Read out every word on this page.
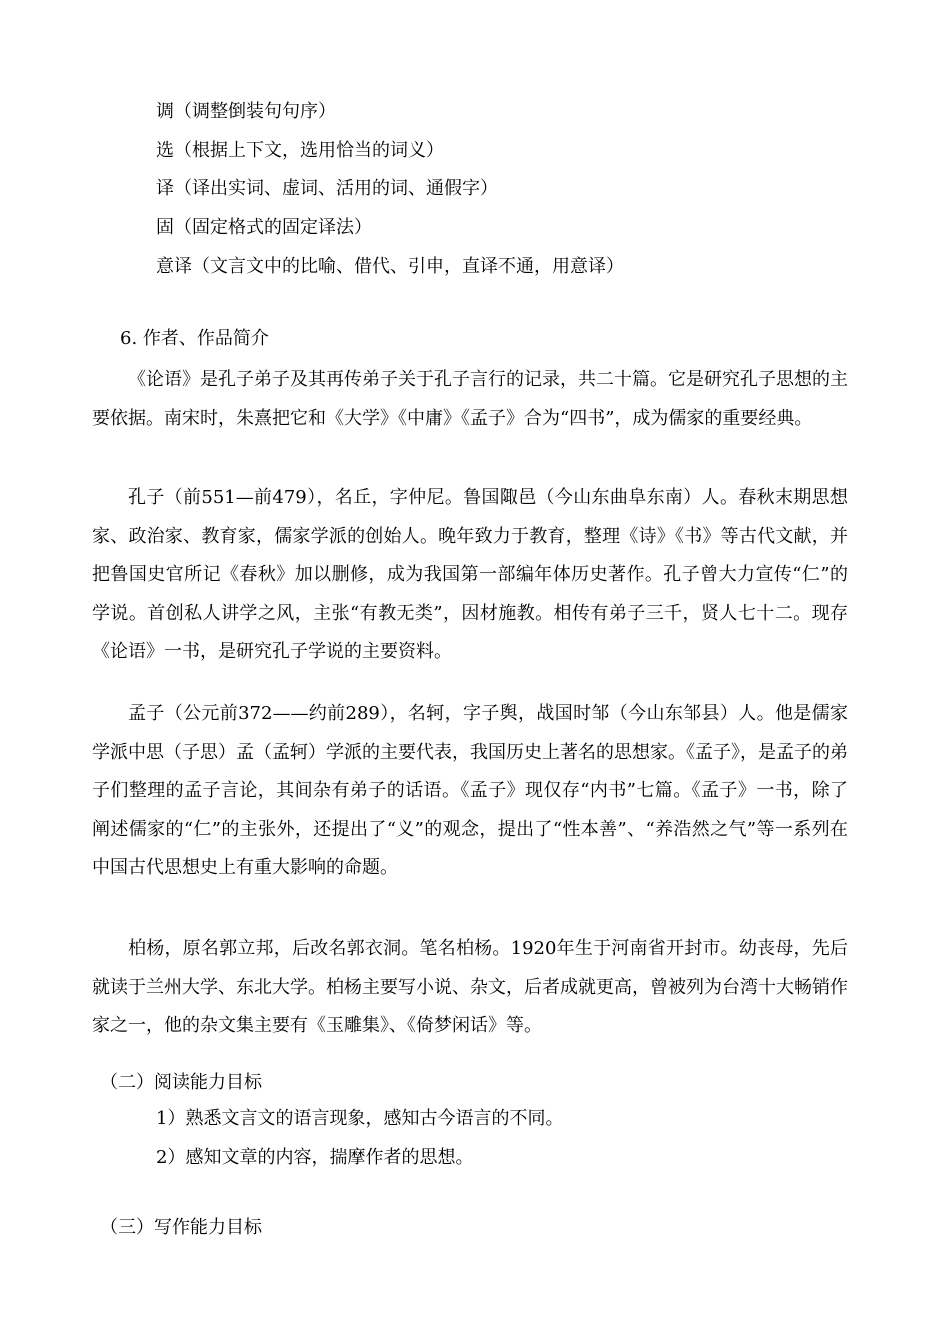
调（调整倒装句句序）

选（根据上下文，选用恰当的词义）

译（译出实词、虚词、活用的词、通假字）

固（固定格式的固定译法）

意译（文言文中的比喻、借代、引申，直译不通，用意译）

6. 作者、作品简介

《论语》是孔子弟子及其再传弟子关于孔子言行的记录，共二十篇。它是研究孔子思想的主要依据。南宋时，朱熹把它和《大学》《中庸》《孟子》合为“四书”，成为儒家的重要经典。

孔子（前551—前479），名丘，字仲尼。鲁国陬邑（今山东曲阜东南）人。春秋末期思想家、政治家、教育家，儒家学派的创始人。晚年致力于教育，整理《诗》《书》等古代文献，并把鲁国史官所记《春秋》加以删修，成为我国第一部编年体历史著作。孔子曾大力宣传“仁”的学说。首创私人讲学之风，主张“有教无类”，因材施教。相传有弟子三千，贤人七十二。现存《论语》一书，是研究孔子学说的主要资料。

孟子（公元前372——约前289），名轲，字子舆，战国时邹（今山东邹县）人。他是儒家学派中思（子思）孟（孟轲）学派的主要代表，我国历史上著名的思想家。《孟子》，是孟子的弟子们整理的孟子言论，其间杂有弟子的话语。《孟子》现仅存“内书”七篇。《孟子》一书，除了阐述儒家的“仁”的主张外，还提出了“义”的观念，提出了“性本善”、“养浩然之气”等一系列在中国古代思想史上有重大影响的命题。

柏杨，原名郭立邦，后改名郭衣洞。笔名柏杨。1920年生于河南省开封市。幼丧母，先后就读于兰州大学、东北大学。柏杨主要写小说、杂文，后者成就更高，曾被列为台湾十大畅销作家之一，他的杂文集主要有《玉雕集》、《倚梦闲话》等。

（二）阅读能力目标

1）熟悉文言文的语言现象，感知古今语言的不同。

2）感知文章的内容，揣摩作者的思想。

（三）写作能力目标
